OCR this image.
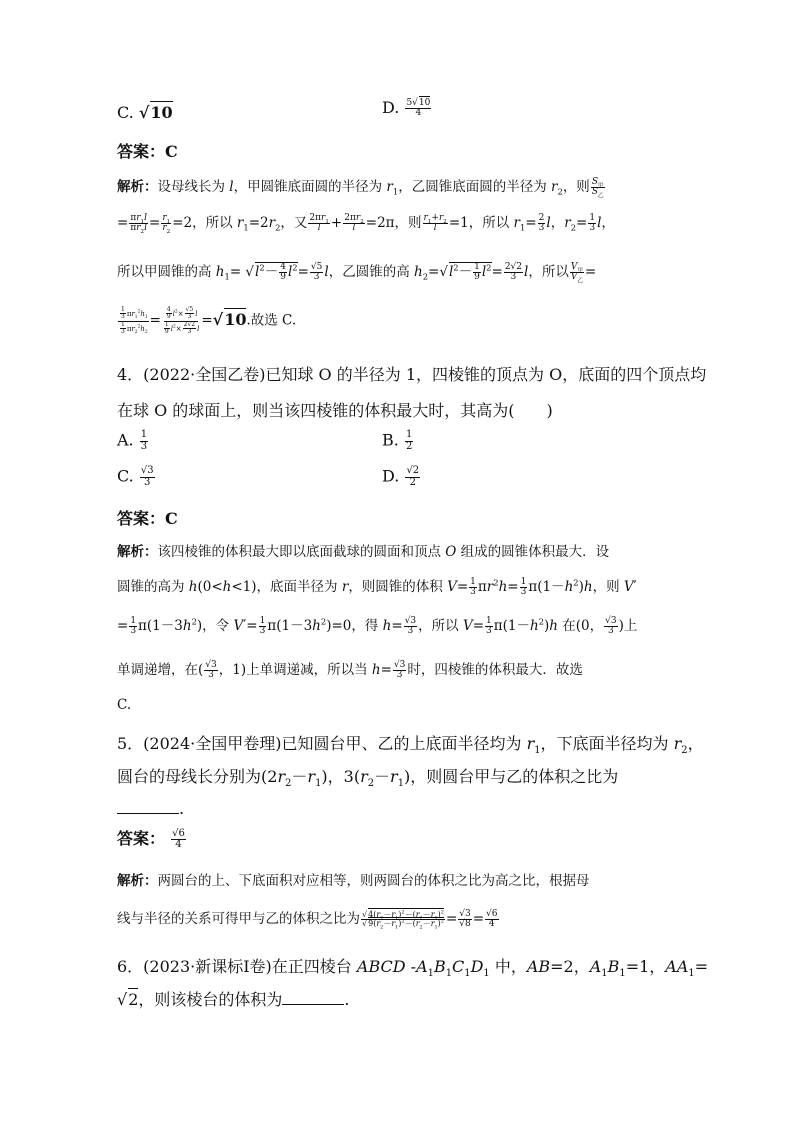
C. √10	D. $\frac{5√10}{4}$
答案：C
解析：设母线长为 l，甲圆锥底面圆的半径为 $r_1$，乙圆锥底面圆的半径为 $r_2$，则 $\frac{S_甲}{S_乙}$
= $\frac{\pi r_1l}{\pi r_2l} = \frac{r_1}{r_2} =2$，所以 $r_1=2r_2$，又 $\frac{2\pi r_1}{l} + \frac{2\pi r_2}{l} =2\pi$，则 $\frac{r_1+r_2}{l} =1$，所以 $r_1= \frac{2}{3}$ l，$r_2= \frac{1}{3}$ l，
所以甲圆锥的高 $h_1= √l^2- \frac{4}{9} l^2= \frac{√5}{3}$ l，乙圆锥的高 $h_2=√l^2- \frac{1}{9} l^2= \frac{2√2}{3}$ l，所以 $\frac{V_甲}{V_乙}$ =
$\frac{\frac{1}{3} \pi r_1^2h_1}{\frac{1}{3} \pi r_2^2h_2} = \frac{\frac{4}{9} l^2\times \frac{√5}{3} l}{\frac{1}{9} l^2\times \frac{2√2}{3} l} =√10$.故选 C.
4．(2022·全国乙卷)已知球 O 的半径为 1，四棱锥的顶点为 O，底面的四个顶点均
在球 O 的球面上，则当该四棱锥的体积最大时，其高为(　　)
A. $\frac{1}{3}$	B. $\frac{1}{2}$
C. $\frac{√3}{3}$	D. $\frac{√2}{2}$
答案：C
解析：该四棱锥的体积最大即以底面截球的圆面和顶点 O 组成的圆锥体积最大．设
圆锥的高为 h(0<h<1)，底面半径为 r，则圆锥的体积 $V= \frac{1}{3} \pi r^2h= \frac{1}{3} \pi(1-h^2)h$，则 V′
= $\frac{1}{3} \pi(1-3h^2)$，令 $V'= \frac{1}{3} \pi(1-3h^2)=0$，得 $h= \frac{√3}{3}$ ，所以 $V= \frac{1}{3} \pi(1-h^2)h$ 在(0， $\frac{√3}{3}$ )上
单调递增，在( $\frac{√3}{3}$ ，1)上单调递减，所以当 $h= \frac{√3}{3}$ 时，四棱锥的体积最大．故选
C.
5．(2024·全国甲卷理)已知圆台甲、乙的上底面半径均为 $r_1$，下底面半径均为 $r_2$，
圆台的母线长分别为$(2r_2-r_1)$，$3(r_2-r_1)$，则圆台甲与乙的体积之比为
.
答案： $\frac{√6}{4}$
解析：两圆台的上、下底面积对应相等，则两圆台的体积之比为高之比，根据母
线与半径的关系可得甲与乙的体积之比为 $\frac{√4(r_2-r_1)^2-(r_2-r_1)^2}{√9(r_2-r_1)^2-(r_2-r_1)^2} = \frac{√3}{√8} = \frac{√6}{4}$
6．(2023·新课标Ⅰ卷)在正四棱台 ABCD $-A_1B_1C_1D_1$ 中，AB=2，$A_1B_1=1$，$AA_1=$
√2，则该棱台的体积为	.
